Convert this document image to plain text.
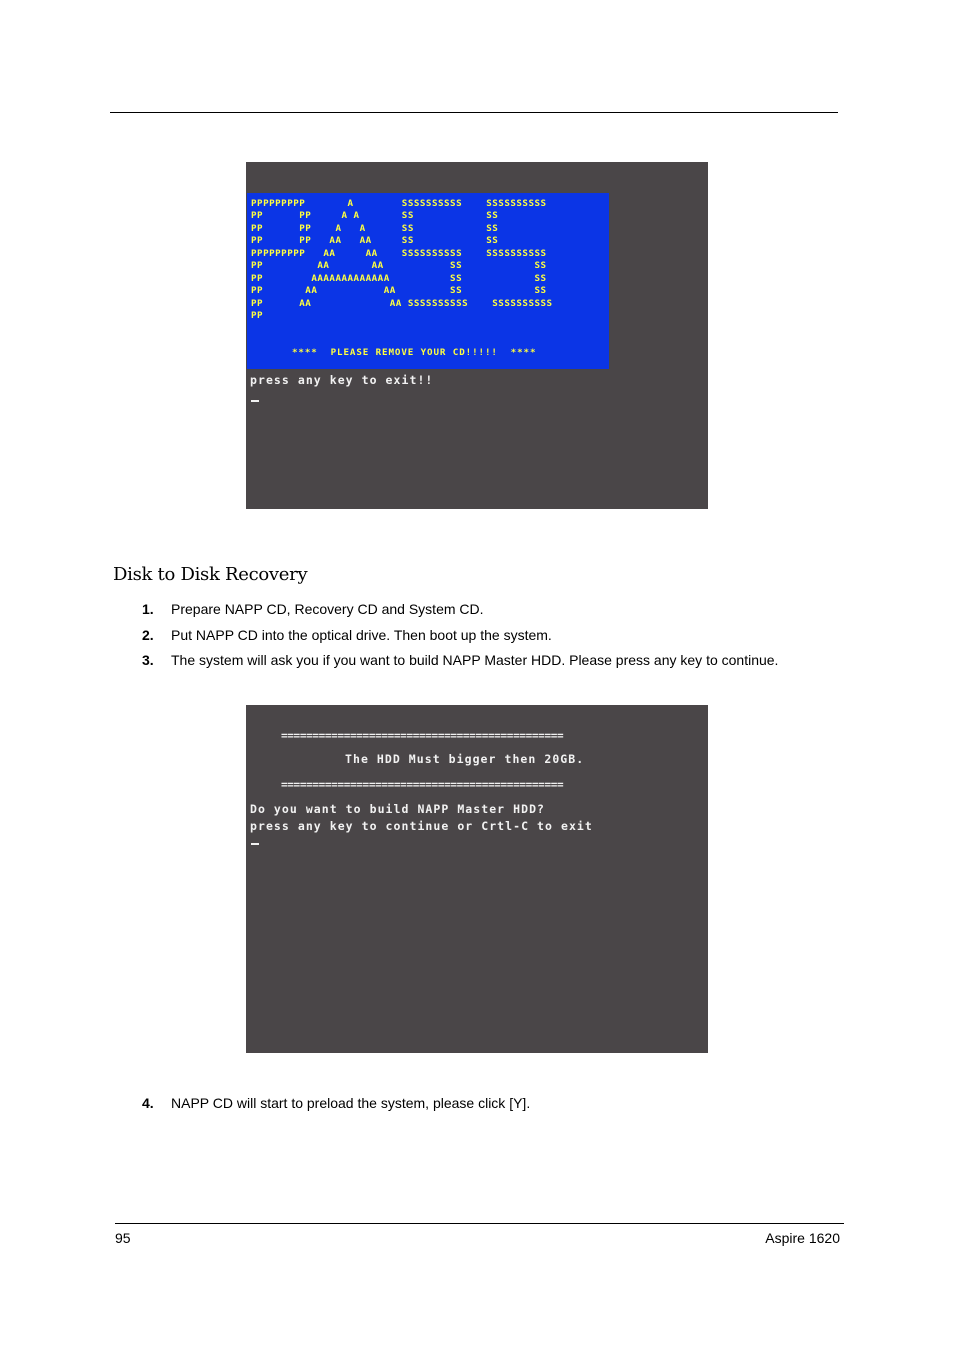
PPPPPPPPP       A        SSSSSSSSSS    SSSSSSSSSS
PP      PP     A A       SS            SS
PP      PP    A   A      SS            SS
PP      PP   AA   AA     SS            SS
PPPPPPPPP   AA     AA    SSSSSSSSSS    SSSSSSSSSS
PP         AA       AA           SS            SS
PP        AAAAAAAAAAAAA          SS            SS
PP       AA           AA         SS            SS
PP      AA             AA SSSSSSSSSS    SSSSSSSSSS
PP

****  PLEASE REMOVE YOUR CD!!!!!  ****
press any key to exit!!
Disk to Disk Recovery
1.	Prepare NAPP CD, Recovery CD and System CD.
2.	Put NAPP CD into the optical drive. Then boot up the system.
3.	The system will ask you if you want to build NAPP Master HDD. Please press any key to continue.
=============================================
The HDD Must bigger then 20GB.
=============================================
Do you want to build NAPP Master HDD?
press any key to continue or Crtl-C to exit
4.	NAPP CD will start to preload the system, please click [Y].
95	Aspire 1620
